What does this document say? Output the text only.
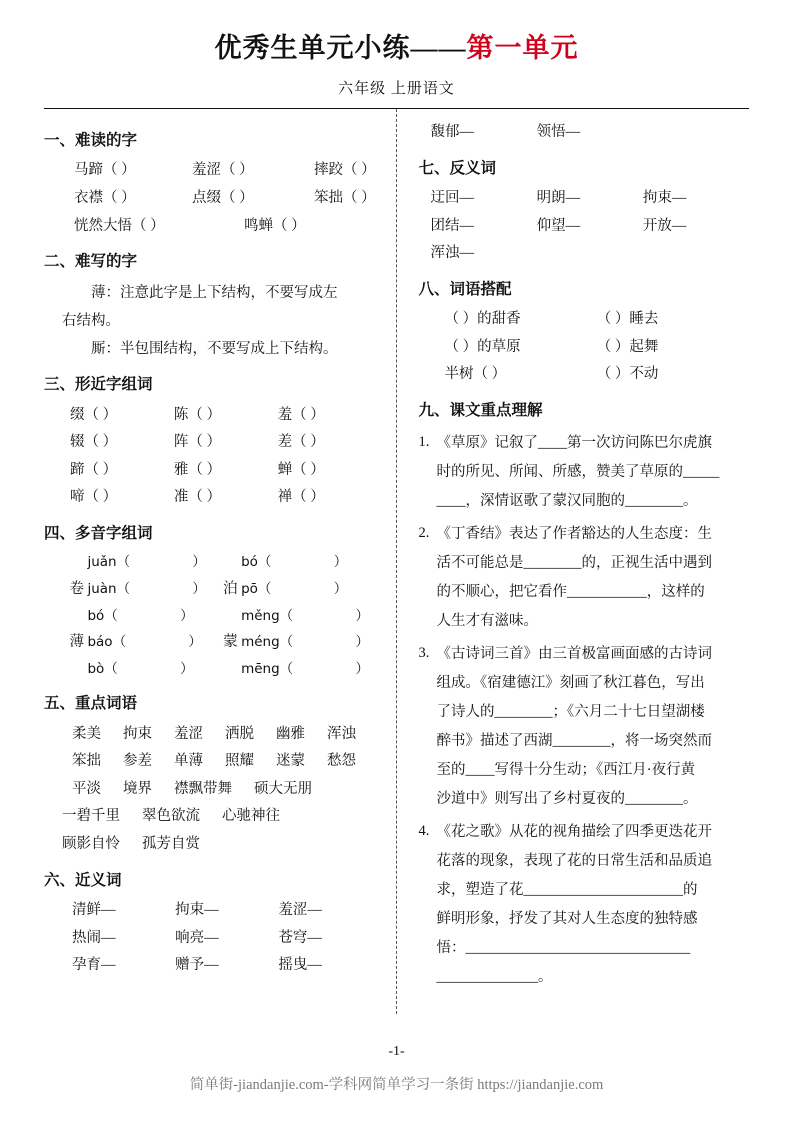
优秀生单元小练——第一单元
六年级 上册语文
一、难读的字
马蹄（ ）	羞涩（ ）	摔跤（ ）
衣襟（ ）	点缀（ ）	笨拙（ ）
恍然大悟（ ）	鸣蝉（ ）
二、难写的字
薄：注意此字是上下结构，不要写成左
右结构。
厮：半包围结构，不要写成上下结构。
三、形近字组词
缀（ ）	陈（ ）	羞（ ）
辍（ ）	阵（ ）	差（ ）
蹄（ ）	雅（ ）	蝉（ ）
啼（ ）	准（ ）	禅（ ）
四、多音字组词
juǎn（	）	bó（	）
卷 juàn（	）	泊 pō（	）
bó（	）	měng（	）
薄 báo（	）	蒙 méng（	）
bò（	）	mēng（	）
五、重点词语
柔美 拘束 羞涩 洒脱 幽雅 浑浊
笨拙 参差 单薄 照耀 迷蒙 愁怨
平淡 境界 襟飘带舞 硕大无朋
一碧千里 翠色欲流 心驰神往
顾影自怜 孤芳自赏
六、近义词
清鲜—	拘束—	羞涩—
热闹—	响亮—	苍穹—
孕育—	赠予—	摇曳—
馥郁—	领悟—
七、反义词
迂回—	明朗—	拘束—
团结—	仰望—	开放—
浑浊—
八、词语搭配
（ ）的甜香	（ ）睡去
（ ）的草原	（ ）起舞
半树（ ）	（ ）不动
九、课文重点理解
1. 《草原》记叙了____第一次访问陈巴尔虎旗
时的所见、所闻、所感，赞美了草原的_____
____，深情讴歌了蒙汉同胞的________。
2. 《丁香结》表达了作者豁达的人生态度：生
活不可能总是________的，正视生活中遇到
的不顺心，把它看作___________，这样的
人生才有滋味。
3. 《古诗词三首》由三首极富画面感的古诗词
组成。《宿建德江》刻画了秋江暮色，写出
了诗人的________；《六月二十七日望湖楼
醉书》描述了西湖________，将一场突然而
至的____写得十分生动；《西江月·夜行黄
沙道中》则写出了乡村夏夜的________。
4. 《花之歌》从花的视角描绘了四季更迭花开
花落的现象，表现了花的日常生活和品质追
求，塑造了花______________________的
鲜明形象，抒发了其对人生态度的独特感
悟：_______________________________
______________。
-1-
简单街-jiandanjie.com-学科网简单学习一条街 https://jiandanjie.com
